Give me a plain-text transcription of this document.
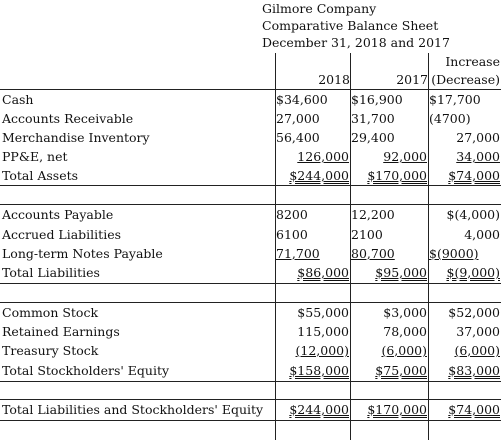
Gilmore Company
Comparative Balance Sheet
December 31, 2018 and 2017
Increase
2018	2017 (Decrease)
Cash	$34,600 $16,900 $17,700
Accounts Receivable	27,000	31,700	(4700)
Merchandise Inventory	56,400	29,400	27,000
PP&E, net	126,000	92,000	34,000
Total Assets	$244,000	$170,000	$74,000
Accounts Payable	8200	12,200	$(4,000)
Accrued Liabilities	6100	2100	4,000
Long-term Notes Payable	71,700	80,700	$(9000)
Total Liabilities	$86,000	$95,000	$(9,000)
Common Stock	$55,000	$3,000	$52,000
Retained Earnings	115,000	78,000	37,000
Treasury Stock	(12,000)	(6,000)	(6,000)
Total Stockholders' Equity	$158,000	$75,000	$83,000
Total Liabilities and Stockholders' Equity	$244,000	$170,000	$74,000
